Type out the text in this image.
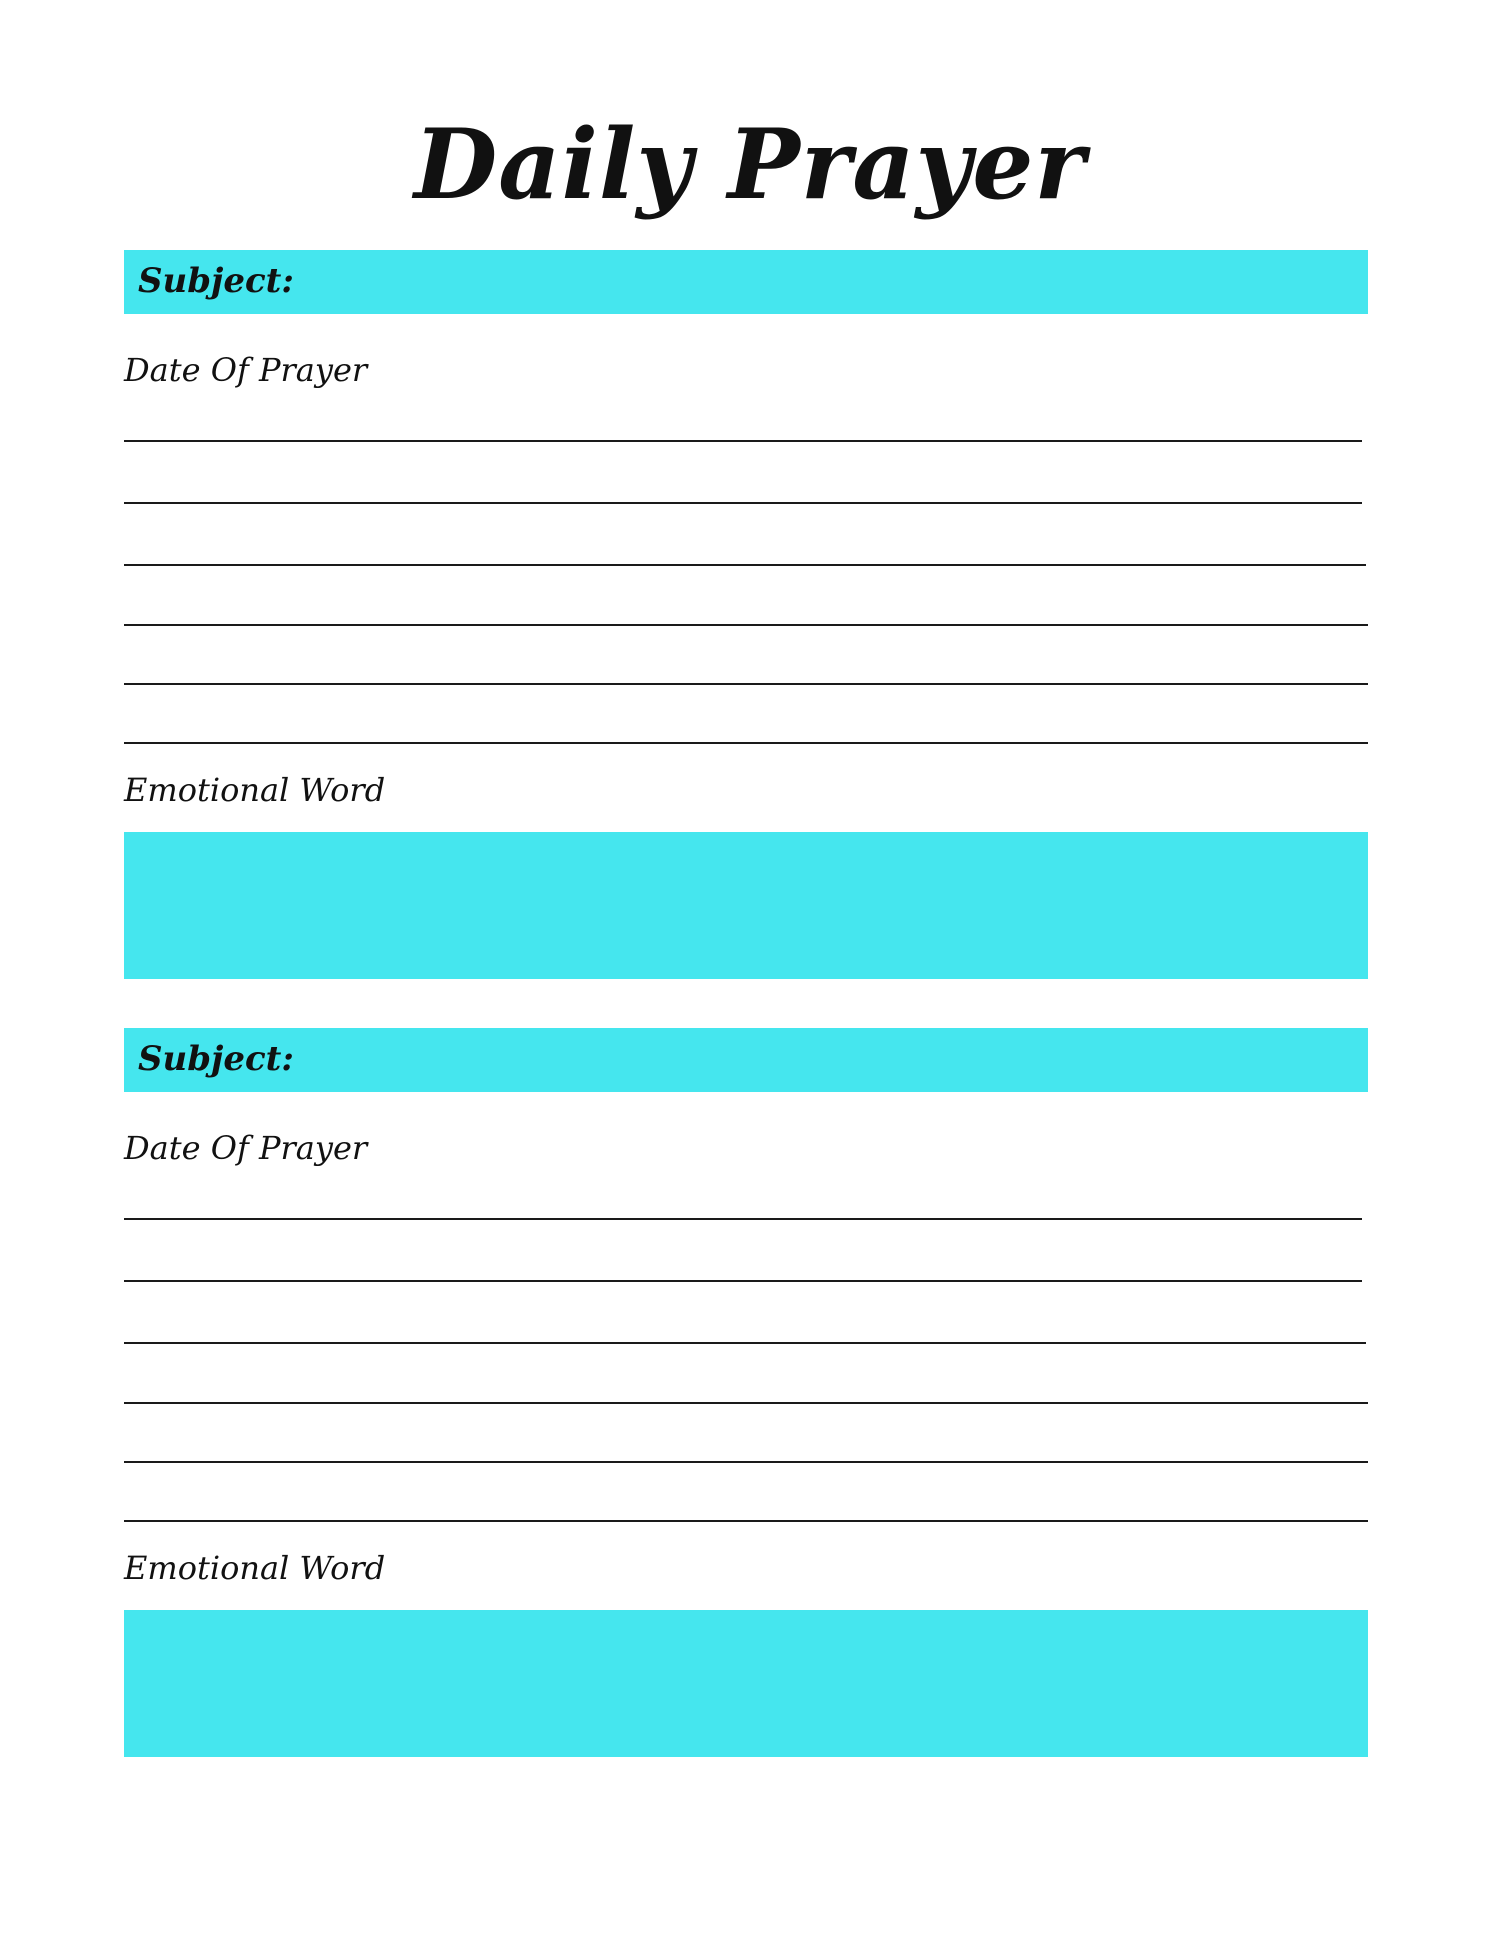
Daily Prayer
Subject:
Date Of Prayer
Emotional Word
Subject:
Date Of Prayer
Emotional Word
